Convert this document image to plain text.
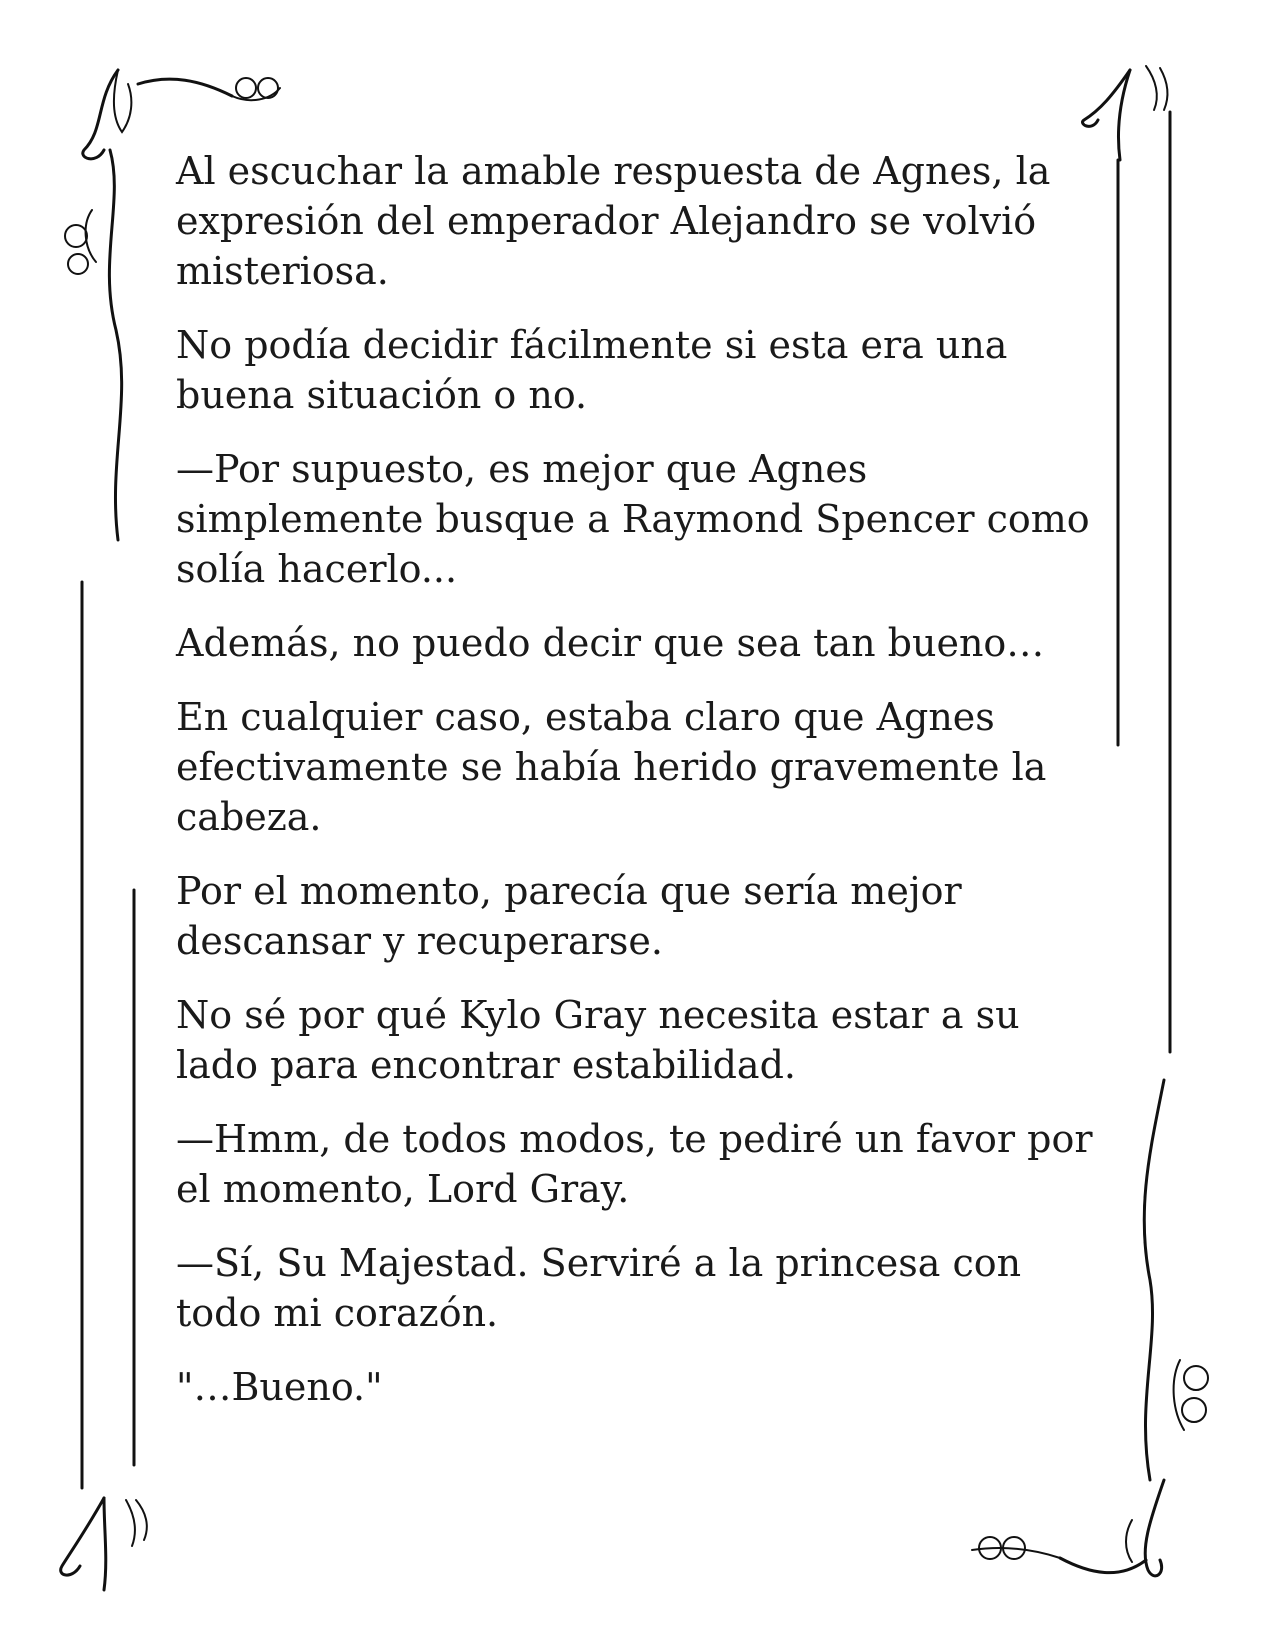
Al escuchar la amable respuesta de Agnes, la
expresión del emperador Alejandro se volvió
misteriosa.

No podía decidir fácilmente si esta era una
buena situación o no.

—Por supuesto, es mejor que Agnes
simplemente busque a Raymond Spencer como
solía hacerlo...

Además, no puedo decir que sea tan bueno…

En cualquier caso, estaba claro que Agnes
efectivamente se había herido gravemente la
cabeza.

Por el momento, parecía que sería mejor
descansar y recuperarse.

No sé por qué Kylo Gray necesita estar a su
lado para encontrar estabilidad.

—Hmm, de todos modos, te pediré un favor por
el momento, Lord Gray.

—Sí, Su Majestad. Serviré a la princesa con
todo mi corazón.

"…Bueno."
